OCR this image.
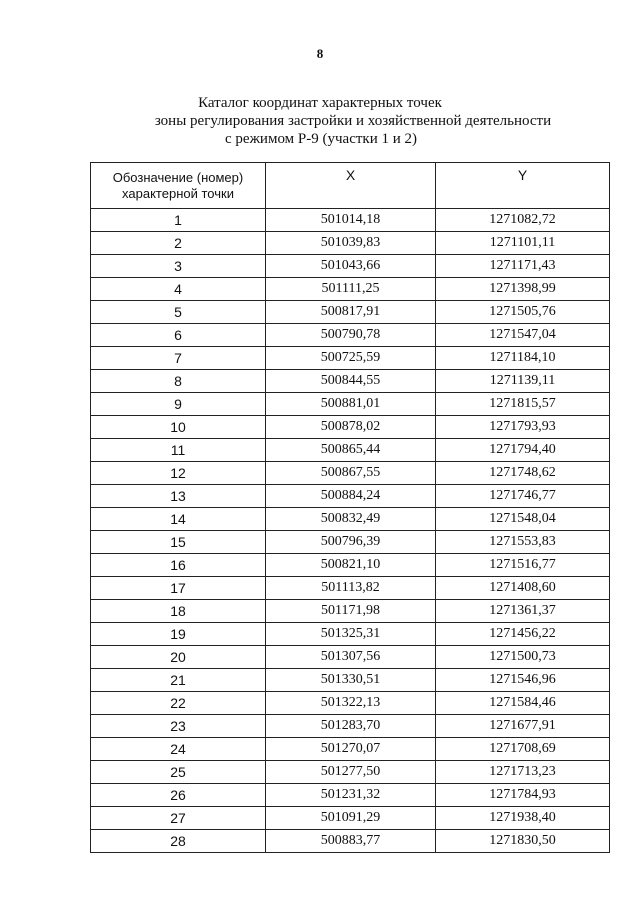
8
Каталог координат характерных точек
зоны регулирования застройки и хозяйственной деятельности
с режимом Р-9 (участки 1 и 2)
Обозначение (номер) характерной точки	X	Y
1	501014,18	1271082,72
2	501039,83	1271101,11
3	501043,66	1271171,43
4	501111,25	1271398,99
5	500817,91	1271505,76
6	500790,78	1271547,04
7	500725,59	1271184,10
8	500844,55	1271139,11
9	500881,01	1271815,57
10	500878,02	1271793,93
11	500865,44	1271794,40
12	500867,55	1271748,62
13	500884,24	1271746,77
14	500832,49	1271548,04
15	500796,39	1271553,83
16	500821,10	1271516,77
17	501113,82	1271408,60
18	501171,98	1271361,37
19	501325,31	1271456,22
20	501307,56	1271500,73
21	501330,51	1271546,96
22	501322,13	1271584,46
23	501283,70	1271677,91
24	501270,07	1271708,69
25	501277,50	1271713,23
26	501231,32	1271784,93
27	501091,29	1271938,40
28	500883,77	1271830,50
